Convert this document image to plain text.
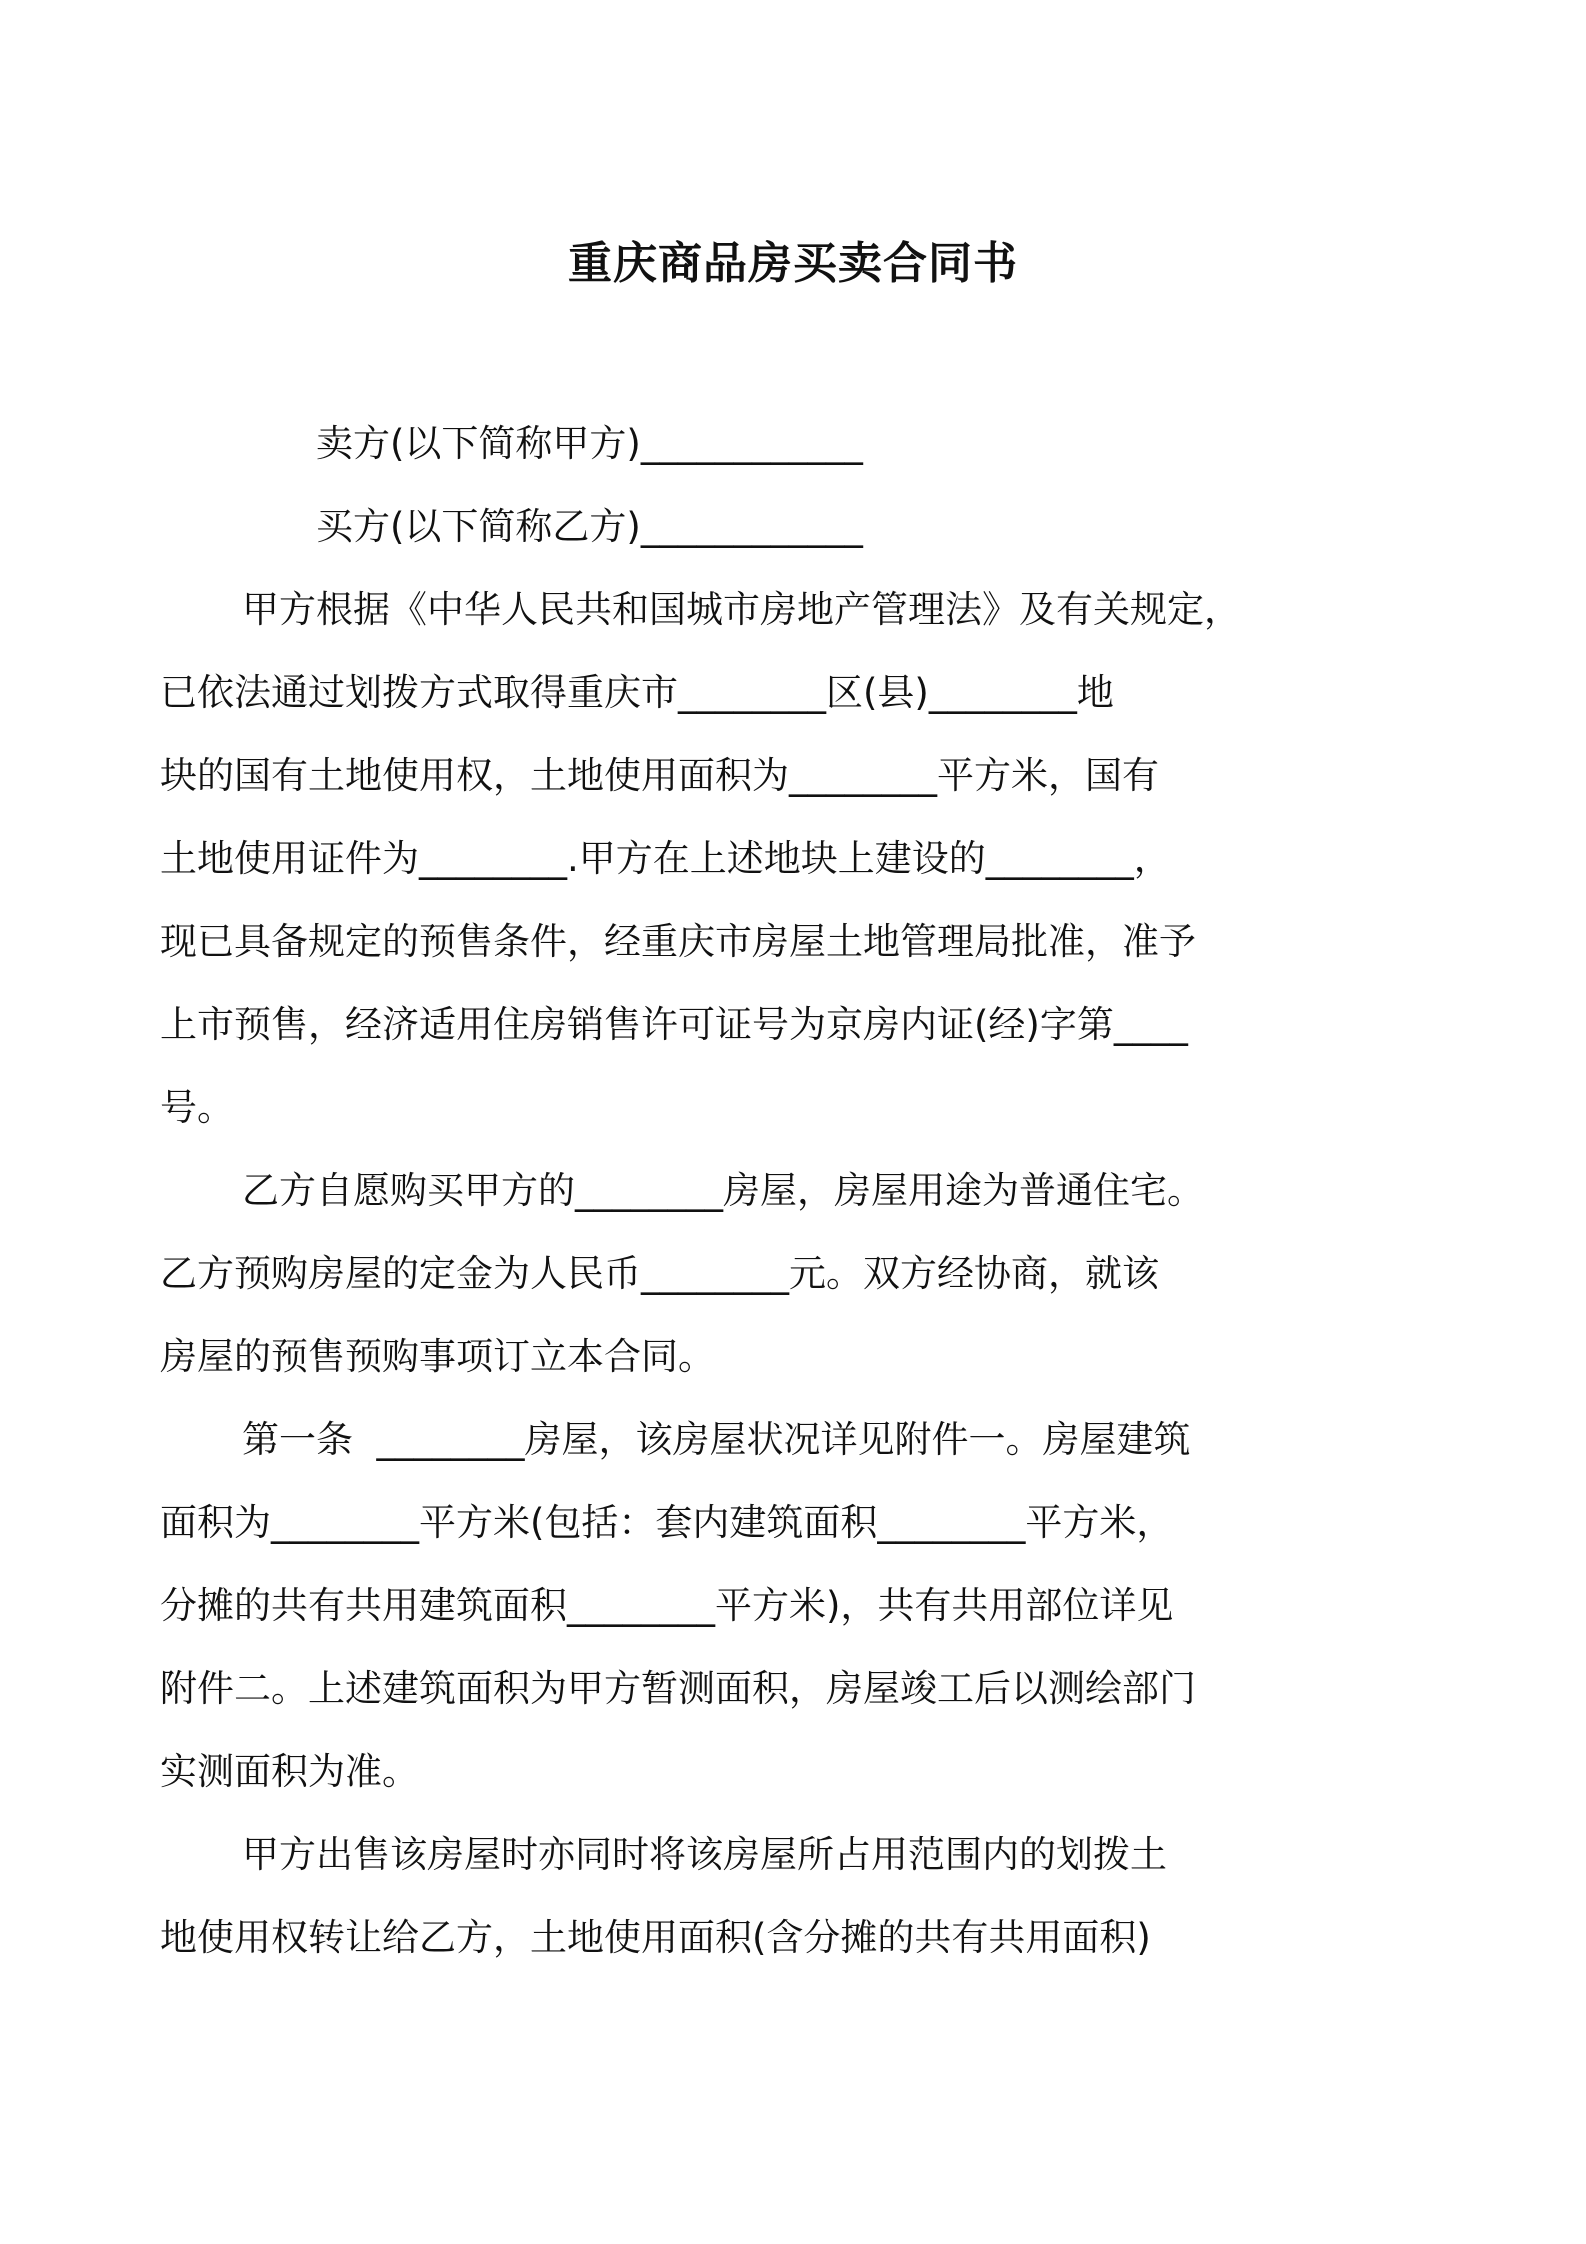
重庆商品房买卖合同书
卖方(以下简称甲方)____________
买方(以下简称乙方)____________
甲方根据《中华人民共和国城市房地产管理法》及有关规定，
已依法通过划拨方式取得重庆市________区(县)________地
块的国有土地使用权，土地使用面积为________平方米，国有
土地使用证件为________.甲方在上述地块上建设的________，
现已具备规定的预售条件，经重庆市房屋土地管理局批准，准予
上市预售，经济适用住房销售许可证号为京房内证(经)字第____
号。
乙方自愿购买甲方的________房屋，房屋用途为普通住宅。
乙方预购房屋的定金为人民币________元。双方经协商，就该
房屋的预售预购事项订立本合同。
第一条  ________房屋，该房屋状况详见附件一。房屋建筑
面积为________平方米(包括：套内建筑面积________平方米，
分摊的共有共用建筑面积________平方米)，共有共用部位详见
附件二。上述建筑面积为甲方暂测面积，房屋竣工后以测绘部门
实测面积为准。
甲方出售该房屋时亦同时将该房屋所占用范围内的划拨土
地使用权转让给乙方，土地使用面积(含分摊的共有共用面积)
